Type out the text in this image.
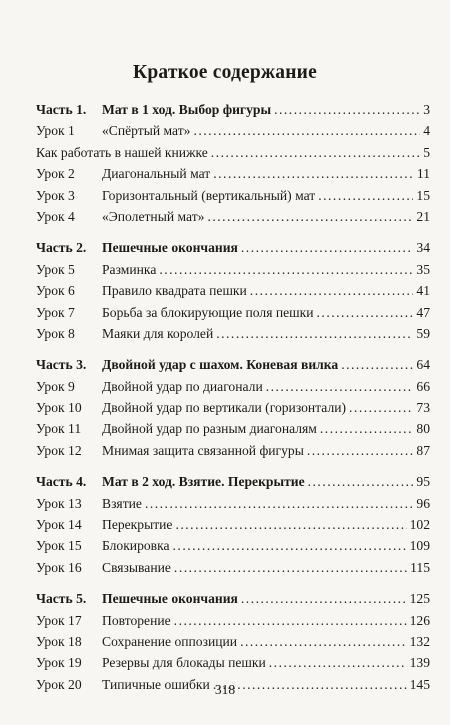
Краткое содержание
Часть 1.	Мат в 1 ход. Выбор фигуры .....	3
Урок 1	«Спёртый мат» .....	4
Как работать в нашей книжке .....	5
Урок 2	Диагональный мат .....	11
Урок 3	Горизонтальный (вертикальный) мат .....	15
Урок 4	«Эполетный мат» .....	21
Часть 2.	Пешечные окончания .....	34
Урок 5	Разминка .....	35
Урок 6	Правило квадрата пешки .....	41
Урок 7	Борьба за блокирующие поля пешки .....	47
Урок 8	Маяки для королей .....	59
Часть 3.	Двойной удар с шахом. Коневая вилка .....	64
Урок 9	Двойной удар по диагонали .....	66
Урок 10	Двойной удар по вертикали (горизонтали) .....	73
Урок 11	Двойной удар по разным диагоналям .....	80
Урок 12	Мнимая защита связанной фигуры .....	87
Часть 4.	Мат в 2 ход. Взятие. Перекрытие .....	95
Урок 13	Взятие .....	96
Урок 14	Перекрытие .....	102
Урок 15	Блокировка .....	109
Урок 16	Связывание .....	115
Часть 5.	Пешечные окончания .....	125
Урок 17	Повторение .....	126
Урок 18	Сохранение оппозиции .....	132
Урок 19	Резервы для блокады пешки .....	139
Урок 20	Типичные ошибки .....	145
318
